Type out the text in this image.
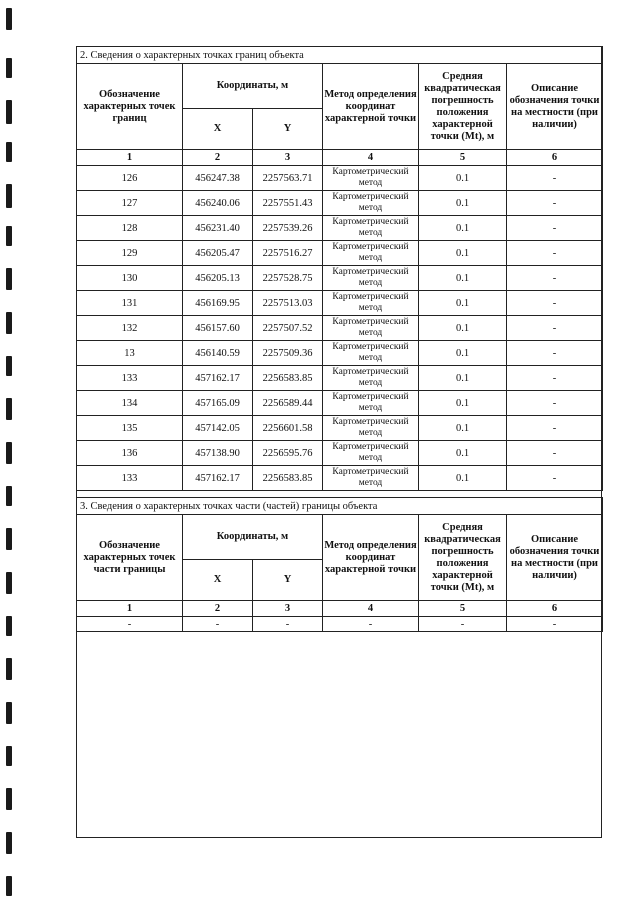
2. Сведения о характерных точках границ объекта					
Обозначение характерных точек границ	Координаты, м		Метод определения координат характерной точки	Средняя квадратическая погрешность положения характерной точки (Mt), м	Описание обозначения точки на местности (при наличии)
	X	Y			
1	2	3	4	5	6
126	456247.38	2257563.71	Картометрический метод	0.1	-
127	456240.06	2257551.43	Картометрический метод	0.1	-
128	456231.40	2257539.26	Картометрический метод	0.1	-
129	456205.47	2257516.27	Картометрический метод	0.1	-
130	456205.13	2257528.75	Картометрический метод	0.1	-
131	456169.95	2257513.03	Картометрический метод	0.1	-
132	456157.60	2257507.52	Картометрический метод	0.1	-
13	456140.59	2257509.36	Картометрический метод	0.1	-
133	457162.17	2256583.85	Картометрический метод	0.1	-
134	457165.09	2256589.44	Картометрический метод	0.1	-
135	457142.05	2256601.58	Картометрический метод	0.1	-
136	457138.90	2256595.76	Картометрический метод	0.1	-
133	457162.17	2256583.85	Картометрический метод	0.1	-
3. Сведения о характерных точках части (частей) границы объекта					
Обозначение характерных точек части границы	Координаты, м		Метод определения координат характерной точки	Средняя квадратическая погрешность положения характерной точки (Mt), м	Описание обозначения точки на местности (при наличии)
	X	Y			
1	2	3	4	5	6
-	-	-	-	-	-
